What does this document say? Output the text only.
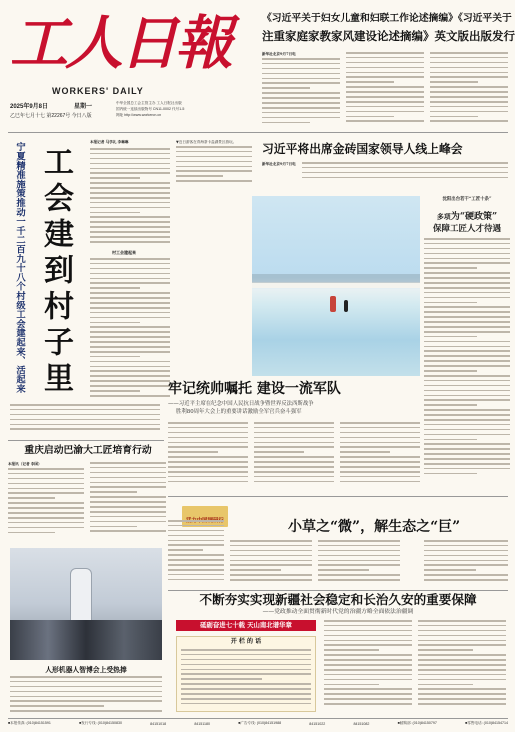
工人日報
WORKERS' DAILY
2025年9月8日	星期一
乙巳年七月十七 第22267号 今日八版
中华全国总工会主管主办 工人日报社出版
国内统一连续出版物号 CN11-0002 代号1-5
网址 http://www.workercn.cn
《习近平关于妇女儿童和妇联工作论述摘编》《习近平关于
注重家庭家教家风建设论述摘编》英文版出版发行
新华社北京9月7日电
习近平将出席金砖国家领导人线上峰会
新华社北京9月7日电
宁夏精准施策推动一千二百九十八个村级工会建起来、活起来 工会建到村子里
本报记者 马学礼 李琳琳
村工会建起来
▼近日游客在青海茶卡盐湖景区游玩。
沈阳出台若干“工匠十条”
多项为“硬政策”
保障工匠人才待遇
牢记统帅嘱托 建设一流军队
——习近平主席在纪念中国人民抗日战争暨世界反法西斯战争
胜利80周年大会上的重要讲话激励全军官兵奋斗强军
重庆启动巴渝大工匠培育行动
本报讯（记者 李国）
小草之“微”，解生态之“巨”
人形机器人智博会上受热捧
不断夯实实现新疆社会稳定和长治久安的重要保障
——党政推动全面贯彻新时代党的治疆方略全面依法治疆调
砥砺奋进七十载 天山南北谱华章
开 栏 的 话
■本报传真: (010)84151591	■发行专线: (010)84150830	84151018	84151180	■广告专线: (010)84151988	84151022	84151082	■邮购部: (010)84150797	■零售电话: (010)84154714
